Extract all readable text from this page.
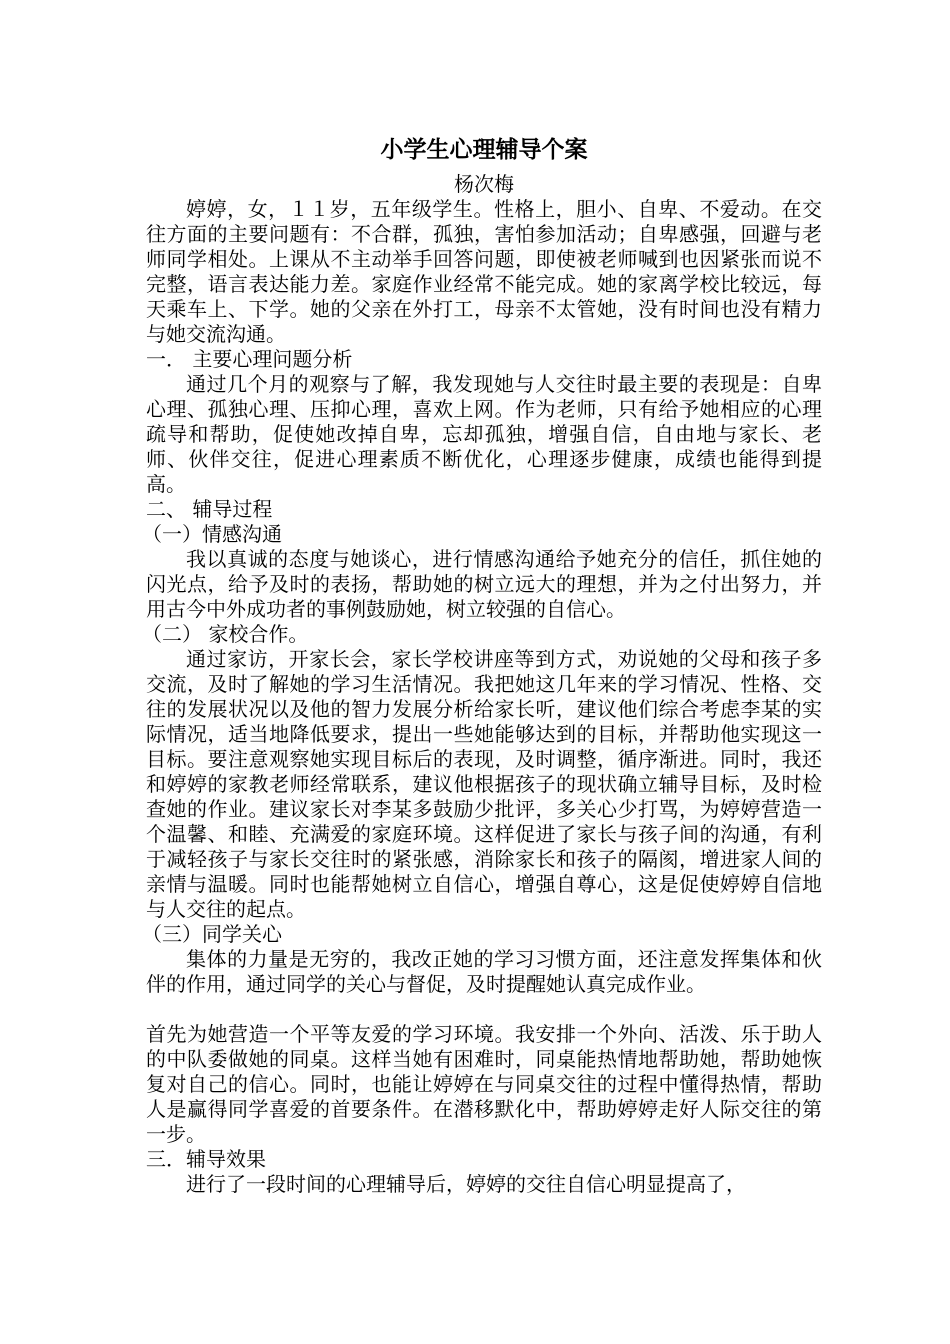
小学生心理辅导个案

杨次梅

婷婷，女，１１岁，五年级学生。性格上，胆小、自卑、不爱动。在交往方面的主要问题有：不合群，孤独，害怕参加活动；自卑感强，回避与老师同学相处。上课从不主动举手回答问题，即使被老师喊到也因紧张而说不完整，语言表达能力差。家庭作业经常不能完成。她的家离学校比较远，每天乘车上、下学。她的父亲在外打工，母亲不太管她，没有时间也没有精力与她交流沟通。

一． 主要心理问题分析

通过几个月的观察与了解，我发现她与人交往时最主要的表现是：自卑心理、孤独心理、压抑心理，喜欢上网。作为老师，只有给予她相应的心理疏导和帮助，促使她改掉自卑，忘却孤独，增强自信，自由地与家长、老师、伙伴交往，促进心理素质不断优化，心理逐步健康，成绩也能得到提高。

二、 辅导过程

（一）情感沟通

我以真诚的态度与她谈心，进行情感沟通给予她充分的信任，抓住她的闪光点，给予及时的表扬，帮助她的树立远大的理想，并为之付出努力，并用古今中外成功者的事例鼓励她，树立较强的自信心。

（二） 家校合作。

通过家访，开家长会，家长学校讲座等到方式，劝说她的父母和孩子多交流，及时了解她的学习生活情况。我把她这几年来的学习情况、性格、交往的发展状况以及他的智力发展分析给家长听，建议他们综合考虑李某的实际情况，适当地降低要求，提出一些她能够达到的目标，并帮助他实现这一目标。要注意观察她实现目标后的表现，及时调整，循序渐进。同时，我还和婷婷的家教老师经常联系，建议他根据孩子的现状确立辅导目标，及时检查她的作业。建议家长对李某多鼓励少批评，多关心少打骂，为婷婷营造一个温馨、和睦、充满爱的家庭环境。这样促进了家长与孩子间的沟通，有利于减轻孩子与家长交往时的紧张感，消除家长和孩子的隔阂，增进家人间的亲情与温暖。同时也能帮她树立自信心，增强自尊心，这是促使婷婷自信地与人交往的起点。

（三）同学关心

集体的力量是无穷的，我改正她的学习习惯方面，还注意发挥集体和伙伴的作用，通过同学的关心与督促，及时提醒她认真完成作业。

首先为她营造一个平等友爱的学习环境。我安排一个外向、活泼、乐于助人的中队委做她的同桌。这样当她有困难时，同桌能热情地帮助她，帮助她恢复对自己的信心。同时，也能让婷婷在与同桌交往的过程中懂得热情，帮助人是赢得同学喜爱的首要条件。在潜移默化中，帮助婷婷走好人际交往的第一步。

三．辅导效果

进行了一段时间的心理辅导后，婷婷的交往自信心明显提高了，
